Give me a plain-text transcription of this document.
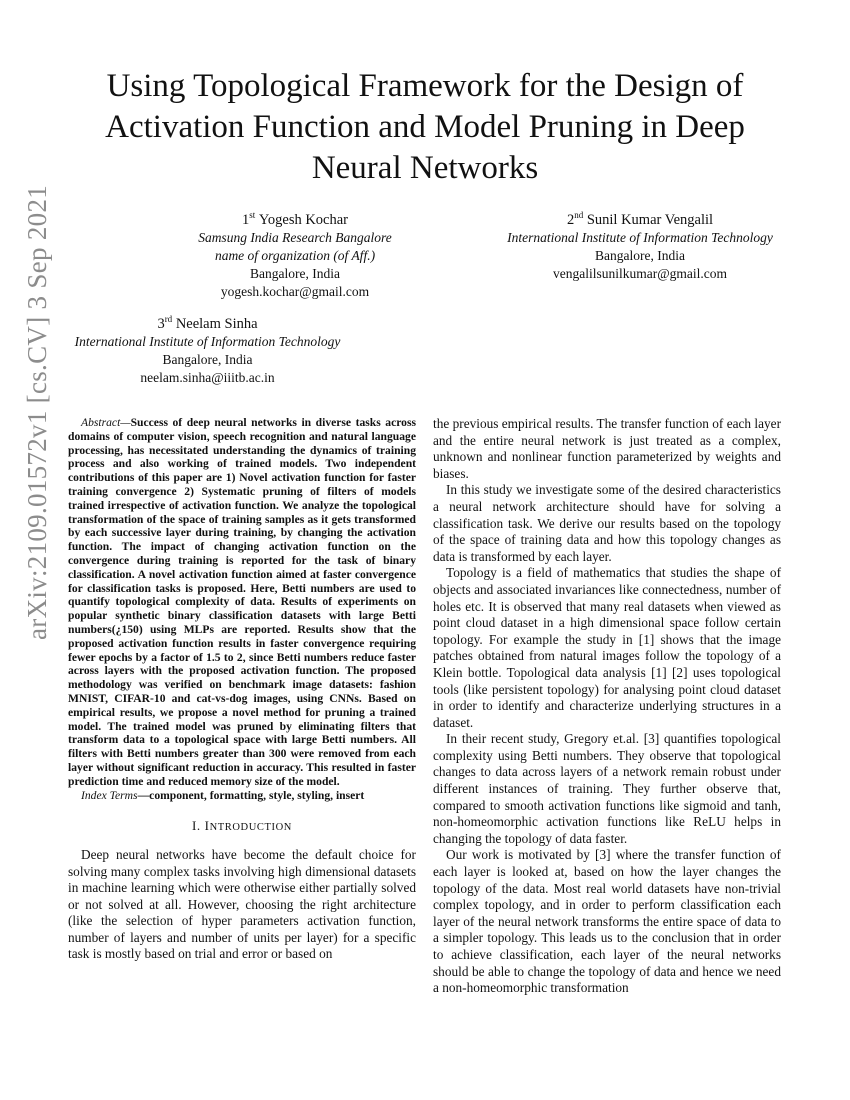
arXiv:2109.01572v1 [cs.CV] 3 Sep 2021
Using Topological Framework for the Design of Activation Function and Model Pruning in Deep Neural Networks
1st Yogesh Kochar
Samsung India Research Bangalore
name of organization (of Aff.)
Bangalore, India
yogesh.kochar@gmail.com
2nd Sunil Kumar Vengalil
International Institute of Information Technology
Bangalore, India
vengalilsunilkumar@gmail.com
3rd Neelam Sinha
International Institute of Information Technology
Bangalore, India
neelam.sinha@iiitb.ac.in

Abstract—Success of deep neural networks in diverse tasks across domains of computer vision, speech recognition and natural language processing, has necessitated understanding the dynamics of training process and also working of trained models. Two independent contributions of this paper are 1) Novel activation function for faster training convergence 2) Systematic pruning of filters of models trained irrespective of activation function. We analyze the topological transformation of the space of training samples as it gets transformed by each successive layer during training, by changing the activation function. The impact of changing activation function on the convergence during training is reported for the task of binary classification. A novel activation function aimed at faster convergence for classification tasks is proposed. Here, Betti numbers are used to quantify topological complexity of data. Results of experiments on popular synthetic binary classification datasets with large Betti numbers(¿150) using MLPs are reported. Results show that the proposed activation function results in faster convergence requiring fewer epochs by a factor of 1.5 to 2, since Betti numbers reduce faster across layers with the proposed activation function. The proposed methodology was verified on benchmark image datasets: fashion MNIST, CIFAR-10 and cat-vs-dog images, using CNNs. Based on empirical results, we propose a novel method for pruning a trained model. The trained model was pruned by eliminating filters that transform data to a topological space with large Betti numbers. All filters with Betti numbers greater than 300 were removed from each layer without significant reduction in accuracy. This resulted in faster prediction time and reduced memory size of the model.

Index Terms—component, formatting, style, styling, insert

I. INTRODUCTION

Deep neural networks have become the default choice for solving many complex tasks involving high dimensional datasets in machine learning which were otherwise either partially solved or not solved at all. However, choosing the right architecture (like the selection of hyper parameters activation function, number of layers and number of units per layer) for a specific task is mostly based on trial and error or based on

the previous empirical results. The transfer function of each layer and the entire neural network is just treated as a complex, unknown and nonlinear function parameterized by weights and biases.

In this study we investigate some of the desired characteristics a neural network architecture should have for solving a classification task. We derive our results based on the topology of the space of training data and how this topology changes as data is transformed by each layer.

Topology is a field of mathematics that studies the shape of objects and associated invariances like connectedness, number of holes etc. It is observed that many real datasets when viewed as point cloud dataset in a high dimensional space follow certain topology. For example the study in [1] shows that the image patches obtained from natural images follow the topology of a Klein bottle. Topological data analysis [1] [2] uses topological tools (like persistent topology) for analysing point cloud dataset in order to identify and characterize underlying structures in a dataset.

In their recent study, Gregory et.al. [3] quantifies topological complexity using Betti numbers. They observe that topological changes to data across layers of a network remain robust under different instances of training. They further observe that, compared to smooth activation functions like sigmoid and tanh, non-homeomorphic activation functions like ReLU helps in changing the topology of data faster.

Our work is motivated by [3] where the transfer function of each layer is looked at, based on how the layer changes the topology of the data. Most real world datasets have non-trivial complex topology, and in order to perform classification each layer of the neural network transforms the entire space of data to a simpler topology. This leads us to the conclusion that in order to achieve classification, each layer of the neural networks should be able to change the topology of data and hence we need a non-homeomorphic transformation
